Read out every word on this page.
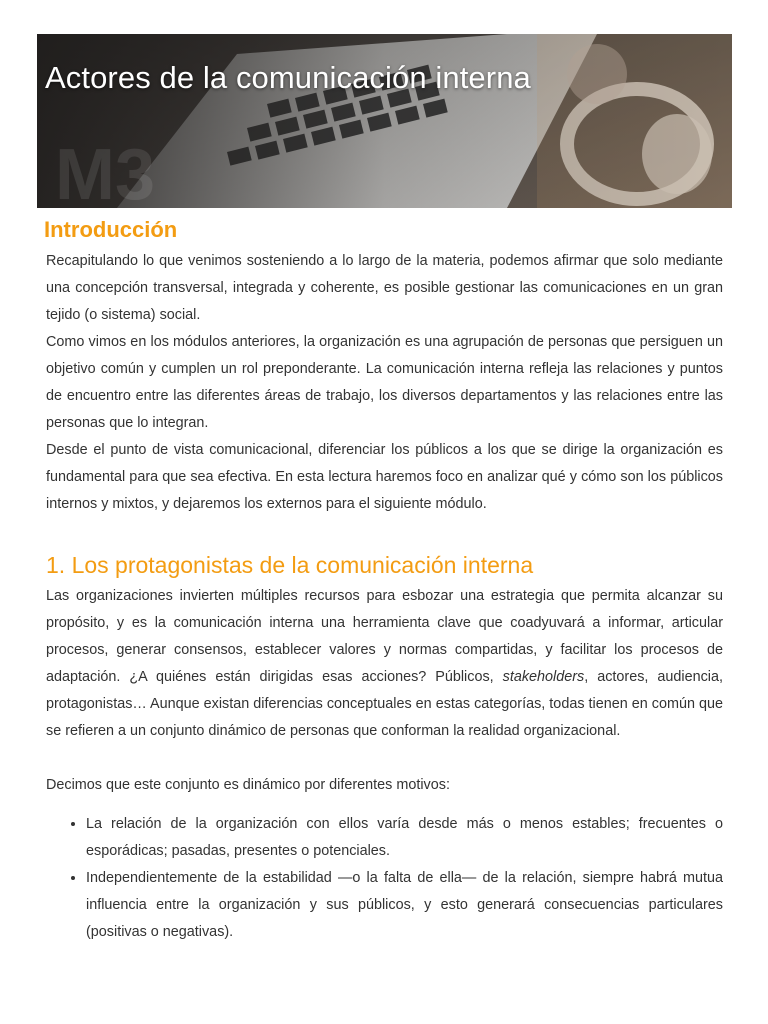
M3
Actores de la comunicación interna
Introducción

Recapitulando lo que venimos sosteniendo a lo largo de la materia, podemos afirmar que solo mediante una concepción transversal, integrada y coherente, es posible gestionar las comunicaciones en un gran tejido (o sistema) social.

Como vimos en los módulos anteriores, la organización es una agrupación de personas que persiguen un objetivo común y cumplen un rol preponderante. La comunicación interna refleja las relaciones y puntos de encuentro entre las diferentes áreas de trabajo, los diversos departamentos y las relaciones entre las personas que lo integran.

Desde el punto de vista comunicacional, diferenciar los públicos a los que se dirige la organización es fundamental para que sea efectiva. En esta lectura haremos foco en analizar qué y cómo son los públicos internos y mixtos, y dejaremos los externos para el siguiente módulo.

1. Los protagonistas de la comunicación interna

Las organizaciones invierten múltiples recursos para esbozar una estrategia que permita alcanzar su propósito, y es la comunicación interna una herramienta clave que coadyuvará a informar, articular procesos, generar consensos, establecer valores y normas compartidas, y facilitar los procesos de adaptación. ¿A quiénes están dirigidas esas acciones? Públicos, stakeholders, actores, audiencia, protagonistas… Aunque existan diferencias conceptuales en estas categorías, todas tienen en común que se refieren a un conjunto dinámico de personas que conforman la realidad organizacional.

Decimos que este conjunto es dinámico por diferentes motivos:

• La relación de la organización con ellos varía desde más o menos estables; frecuentes o esporádicas; pasadas, presentes o potenciales.
• Independientemente de la estabilidad —o la falta de ella— de la relación, siempre habrá mutua influencia entre la organización y sus públicos, y esto generará consecuencias particulares (positivas o negativas).
